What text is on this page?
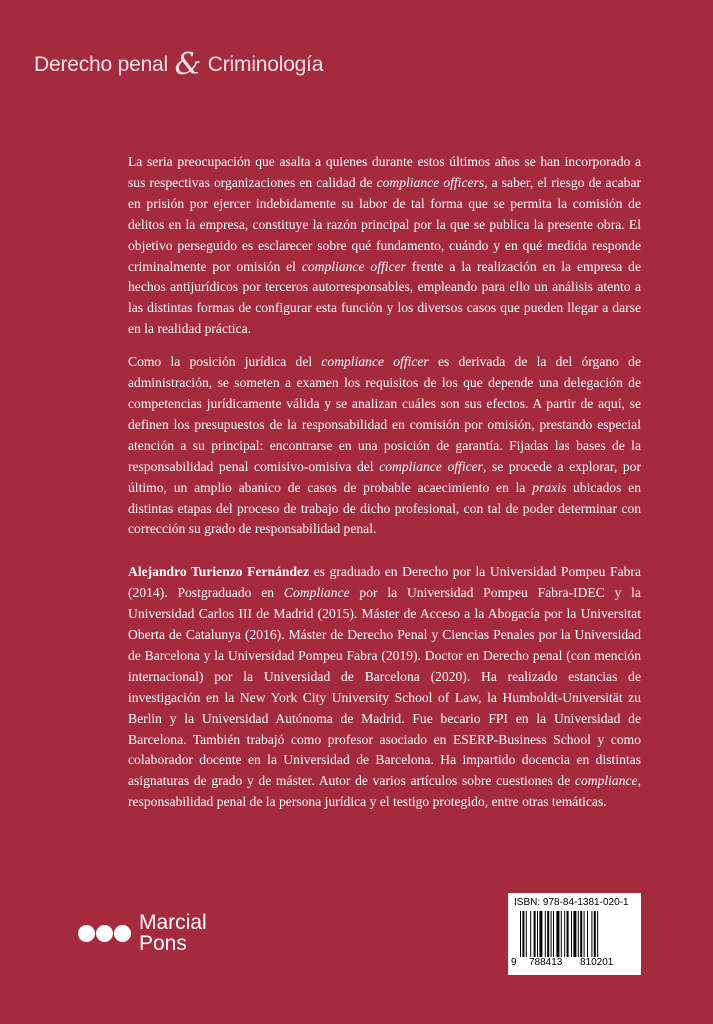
Derecho penal & Criminología

La seria preocupación que asalta a quienes durante estos últimos años se han incorporado a sus respectivas organizaciones en calidad de compliance officers, a saber, el riesgo de acabar en prisión por ejercer indebidamente su labor de tal forma que se permita la comisión de delitos en la empresa, constituye la razón principal por la que se publica la presente obra. El objetivo perseguido es esclarecer sobre qué fundamento, cuándo y en qué medida responde criminalmente por omisión el compliance officer frente a la realización en la empresa de hechos antijurídicos por terceros autorresponsables, empleando para ello un análisis atento a las distintas formas de configurar esta función y los diversos casos que pueden llegar a darse en la realidad práctica.

Como la posición jurídica del compliance officer es derivada de la del órgano de administración, se someten a examen los requisitos de los que depende una delegación de competencias jurídicamente válida y se analizan cuáles son sus efectos. A partir de aquí, se definen los presupuestos de la responsabilidad en comisión por omisión, prestando especial atención a su principal: encontrarse en una posición de garantía. Fijadas las bases de la responsabilidad penal comisivo-omisiva del compliance officer, se procede a explorar, por último, un amplio abanico de casos de probable acaecimiento en la praxis ubicados en distintas etapas del proceso de trabajo de dicho profesional, con tal de poder determinar con corrección su grado de responsabilidad penal.

Alejandro Turienzo Fernández es graduado en Derecho por la Universidad Pompeu Fabra (2014). Postgraduado en Compliance por la Universidad Pompeu Fabra-IDEC y la Universidad Carlos III de Madrid (2015). Máster de Acceso a la Abogacía por la Universitat Oberta de Catalunya (2016). Máster de Derecho Penal y Ciencias Penales por la Universidad de Barcelona y la Universidad Pompeu Fabra (2019). Doctor en Derecho penal (con mención internacional) por la Universidad de Barcelona (2020). Ha realizado estancias de investigación en la New York City University School of Law, la Humboldt-Universität zu Berlin y la Universidad Autónoma de Madrid. Fue becario FPI en la Universidad de Barcelona. También trabajó como profesor asociado en ESERP-Business School y como colaborador docente en la Universidad de Barcelona. Ha impartido docencia en distintas asignaturas de grado y de máster. Autor de varios artículos sobre cuestiones de compliance, responsabilidad penal de la persona jurídica y el testigo protegido, entre otras temáticas.

Marcial
Pons
ISBN: 978-84-1381-020-1
9 788413 810201
